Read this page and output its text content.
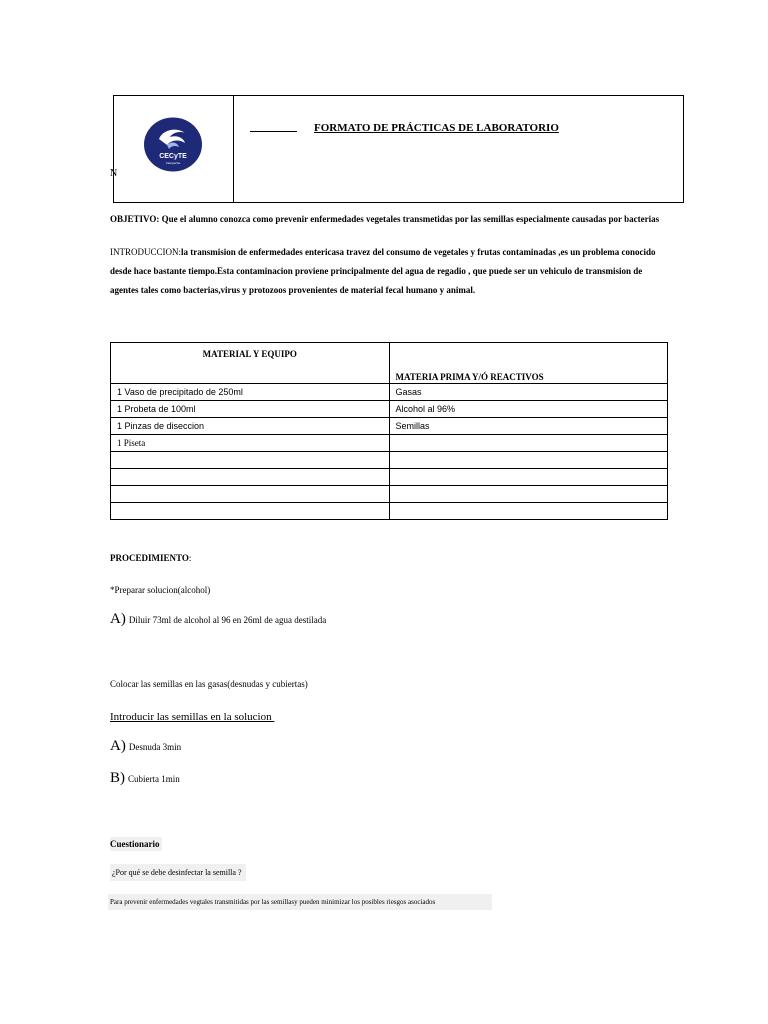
CECyTE
Campeche
FORMATO DE PRÁCTICAS DE LABORATORIO
N
OBJETIVO: Que el alumno conozca como prevenir enfermedades vegetales transmetidas por las semillas especialmente causadas por bacterias
INTRODUCCION:la transmision de enfermedades entericasa travez del consumo de vegetales y frutas contaminadas ,es un problema conocido
desde hace bastante tiempo.Esta contaminacion proviene principalmente del agua de regadio , que puede ser un vehiculo de transmision de
agentes tales como bacterias,virus y protozoos provenientes de material fecal humano y animal.
MATERIAL Y EQUIPO	MATERIA PRIMA Y/Ó REACTIVOS
1 Vaso de precipitado de 250ml	Gasas
1 Probeta de 100ml	Alcohol al 96%
1 Pinzas de diseccion	Semillas
1 Piseta	

PROCEDIMIENTO:
*Preparar solucion(alcohol)
A) Diluir 73ml de alcohol al 96 en 26ml de agua destilada
Colocar las semillas en las gasas(desnudas y cubiertas)
Introducir las semillas en la solucion
A) Desnuda 3min
B) Cubierta 1min
Cuestionario
¿Por qué se debe desinfectar la semilla ?
Para prevenir enfermedades vegtales transmitidas por las semillasy pueden minimizar los posibles riesgos asociados
